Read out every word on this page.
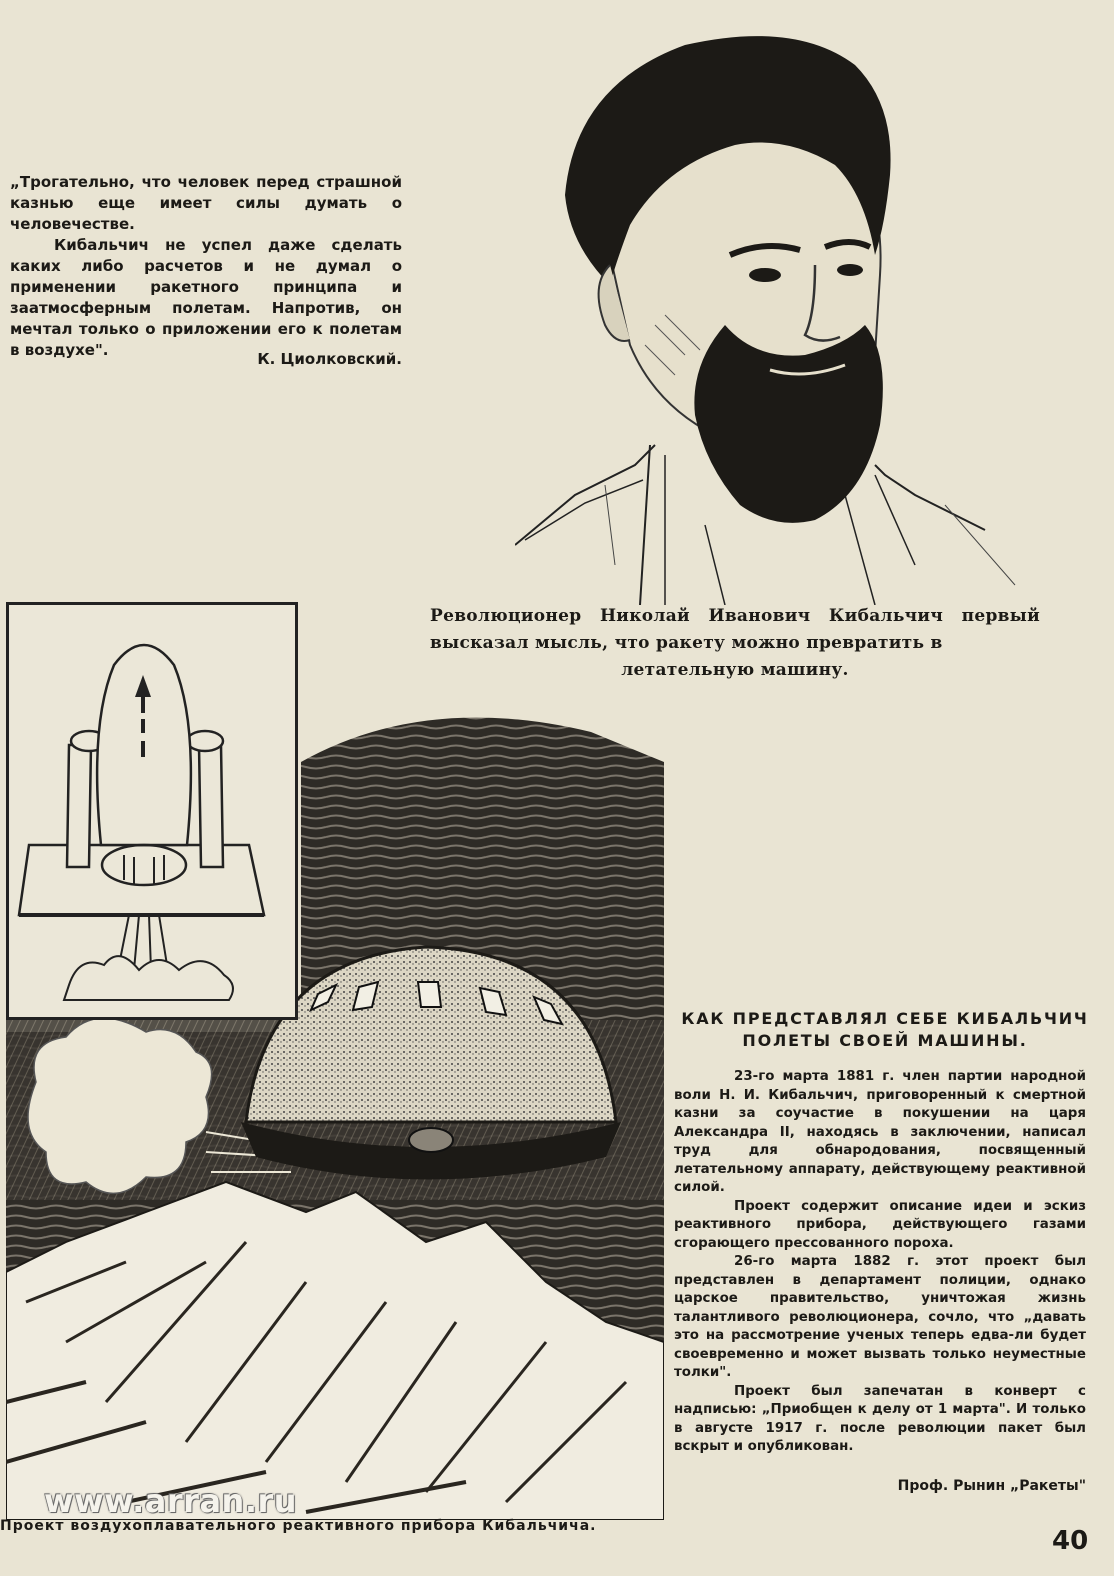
„Трогательно, что человек перед страшной казнью еще имеет силы думать о человечестве.

Кибальчич не успел даже сделать каких либо расчетов и не думал о применении ракетного принципа и заатмосферным полетам. Напротив, он мечтал только о приложении его к полетам в воздухе".	К. Циолковский.
Революционер Николай Иванович Кибальчич первый высказал мысль, что ракету можно превратить в
летательную машину.
КАК ПРЕДСТАВЛЯЛ СЕБЕ КИБАЛЬЧИЧ
ПОЛЕТЫ СВОЕЙ МАШИНЫ.

23-го марта 1881 г. член партии народной воли Н. И. Кибальчич, приговоренный к смертной казни за соучастие в покушении на царя Александра II, находясь в заключении, написал труд для обнародования, посвященный летательному аппарату, действующему реактивной силой.

Проект содержит описание идеи и эскиз реактивного прибора, действующего газами сгорающего прессованного пороха.

26-го марта 1882 г. этот проект был представлен в департамент полиции, однако царское правительство, уничтожая жизнь талантливого революционера, сочло, что „давать это на рассмотрение ученых теперь едва-ли будет своевременно и может вызвать только неуместные толки".

Проект был запечатан в конверт с надписью: „Приобщен к делу от 1 марта". И только в августе 1917 г. после революции пакет был вскрыт и опубликован.

Проф. Рынин „Ракеты"
www.arran.ru
Проект воздухоплавательного реактивного прибора Кибальчича.	40
